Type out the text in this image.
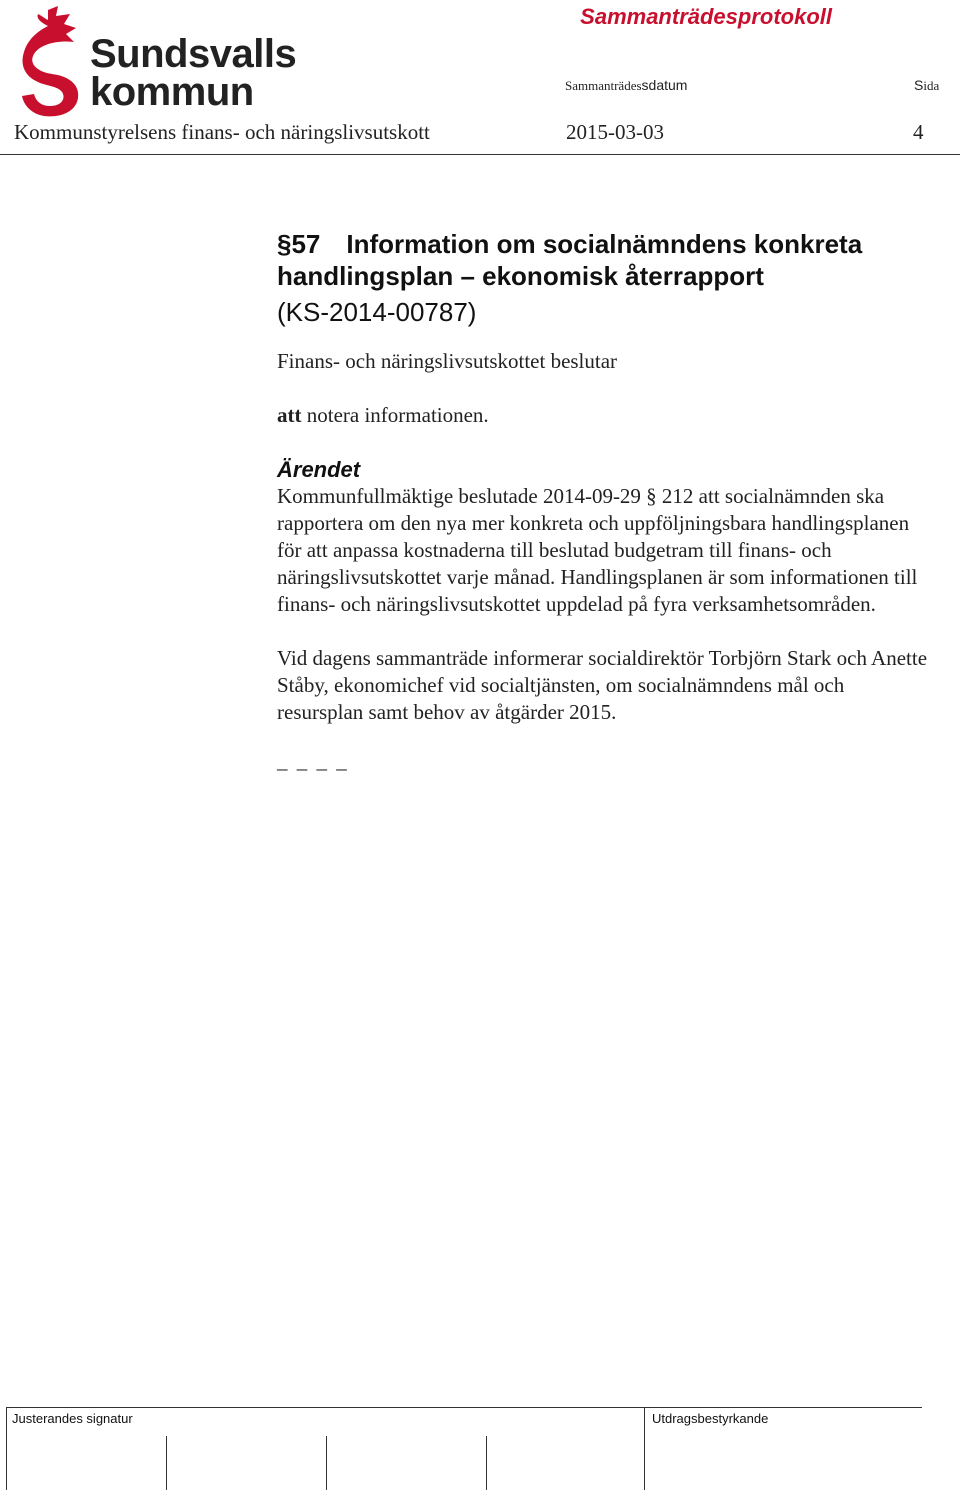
Sundsvalls
kommun
Sammanträdesprotokoll
Sammanträdessdatum	Sida
Kommunstyrelsens finans- och näringslivsutskott	2015-03-03	4
§57 Information om socialnämndens konkreta handlingsplan – ekonomisk återrapport
(KS-2014-00787)

Finans- och näringslivsutskottet beslutar

att notera informationen.

Ärendet

Kommunfullmäktige beslutade 2014-09-29 § 212 att socialnämnden ska rapportera om den nya mer konkreta och uppföljningsbara handlingsplanen för att anpassa kostnaderna till beslutad budgetram till finans- och näringslivsutskottet varje månad. Handlingsplanen är som informationen till finans- och näringslivsutskottet uppdelad på fyra verksamhetsområden.

Vid dagens sammanträde informerar socialdirektör Torbjörn Stark och Anette Ståby, ekonomichef vid socialtjänsten, om socialnämndens mål och resursplan samt behov av åtgärder 2015.

– – – –
Justerandes signatur	Utdragsbestyrkande
